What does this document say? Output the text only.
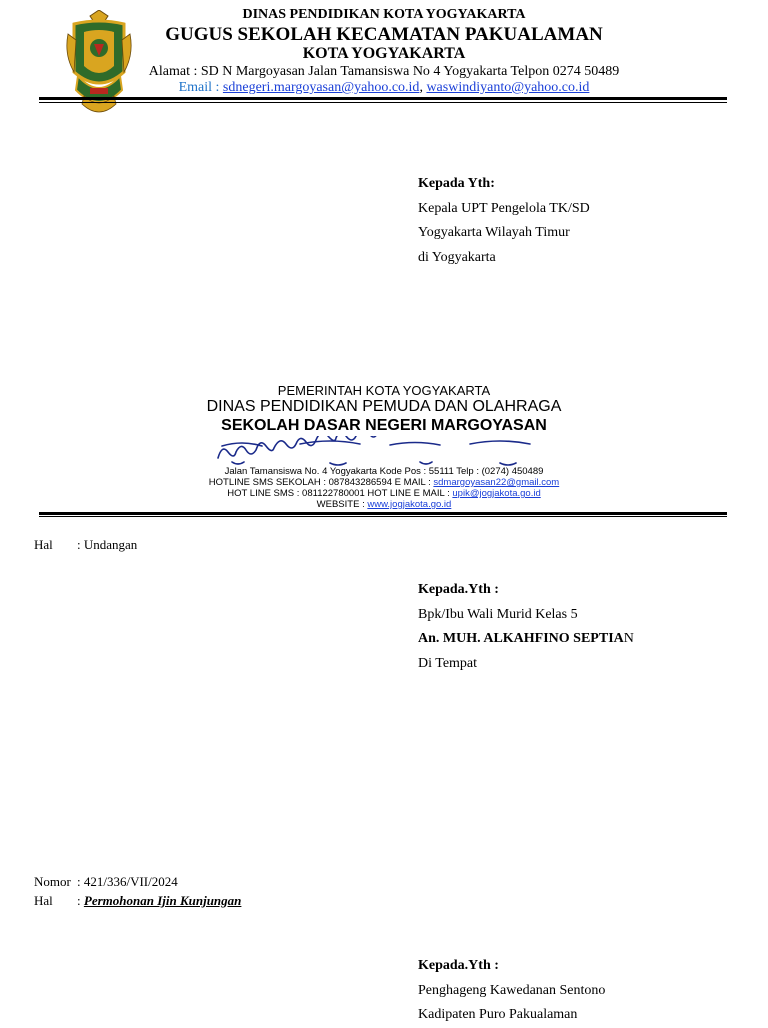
DINAS PENDIDIKAN KOTA YOGYAKARTA
GUGUS SEKOLAH KECAMATAN PAKUALAMAN
KOTA YOGYAKARTA
Alamat : SD N Margoyasan Jalan Tamansiswa No 4 Yogyakarta Telpon 0274 50489
Email : sdnegeri.margoyasan@yahoo.co.id, waswindiyanto@yahoo.co.id
Kepada Yth:
Kepala UPT Pengelola TK/SD
Yogyakarta Wilayah Timur
di Yogyakarta
PEMERINTAH KOTA YOGYAKARTA
DINAS PENDIDIKAN PEMUDA DAN OLAHRAGA
SEKOLAH DASAR NEGERI MARGOYASAN
Jalan Tamansiswa No. 4 Yogyakarta Kode Pos : 55111 Telp : (0274) 450489
HOTLINE SMS SEKOLAH : 087843286594 E MAIL : sdmargoyasan22@gmail.com
HOT LINE SMS : 081122780001 HOT LINE E MAIL : upik@jogjakota.go.id
WEBSITE : www.jogjakota.go.id
Hal : Undangan
Kepada.Yth :
Bpk/Ibu Wali Murid Kelas 5
An. MUH. ALKAHFINO SEPTIAN
Di Tempat
Nomor : 421/336/VII/2024
Hal : Permohonan Ijin Kunjungan
Kepada.Yth :
Penghageng Kawedanan Sentono
Kadipaten Puro Pakualaman
